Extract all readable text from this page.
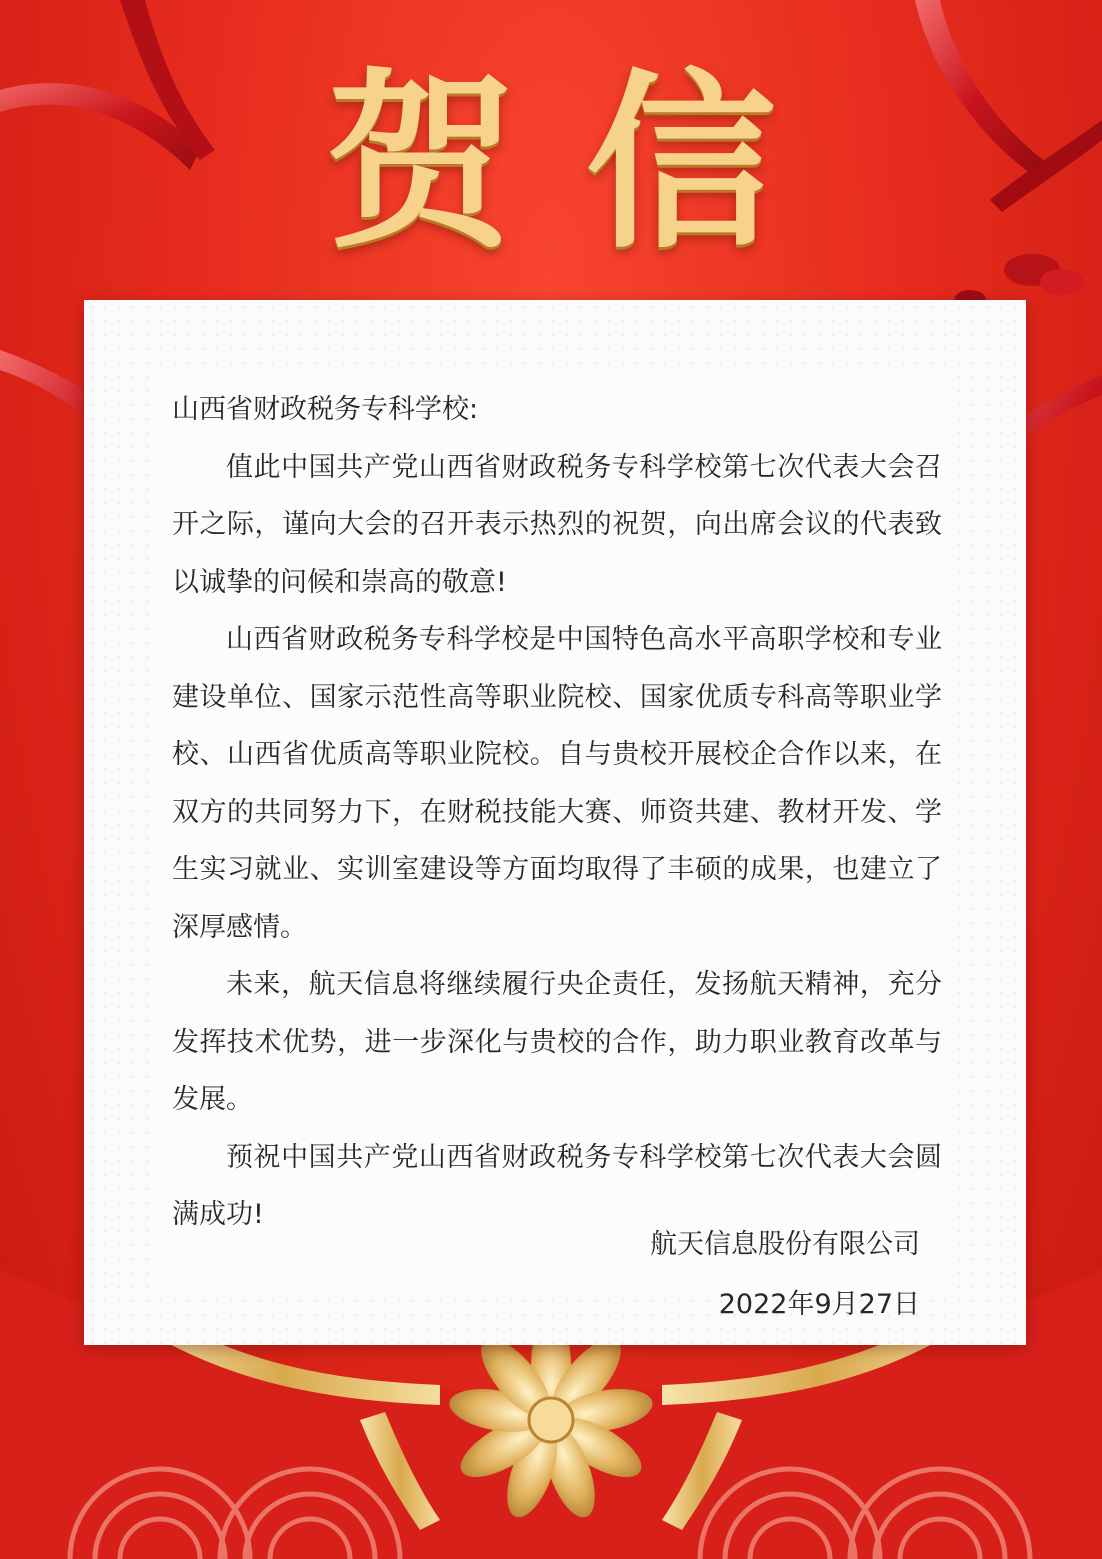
贺信

山西省财政税务专科学校:

值此中国共产党山西省财政税务专科学校第七次代表大会召开之际，谨向大会的召开表示热烈的祝贺，向出席会议的代表致以诚挚的问候和崇高的敬意!

山西省财政税务专科学校是中国特色高水平高职学校和专业建设单位、国家示范性高等职业院校、国家优质专科高等职业学校、山西省优质高等职业院校。自与贵校开展校企合作以来，在双方的共同努力下，在财税技能大赛、师资共建、教材开发、学生实习就业、实训室建设等方面均取得了丰硕的成果，也建立了深厚感情。

未来，航天信息将继续履行央企责任，发扬航天精神，充分发挥技术优势，进一步深化与贵校的合作，助力职业教育改革与发展。

预祝中国共产党山西省财政税务专科学校第七次代表大会圆满成功!

航天信息股份有限公司
2022年9月27日
